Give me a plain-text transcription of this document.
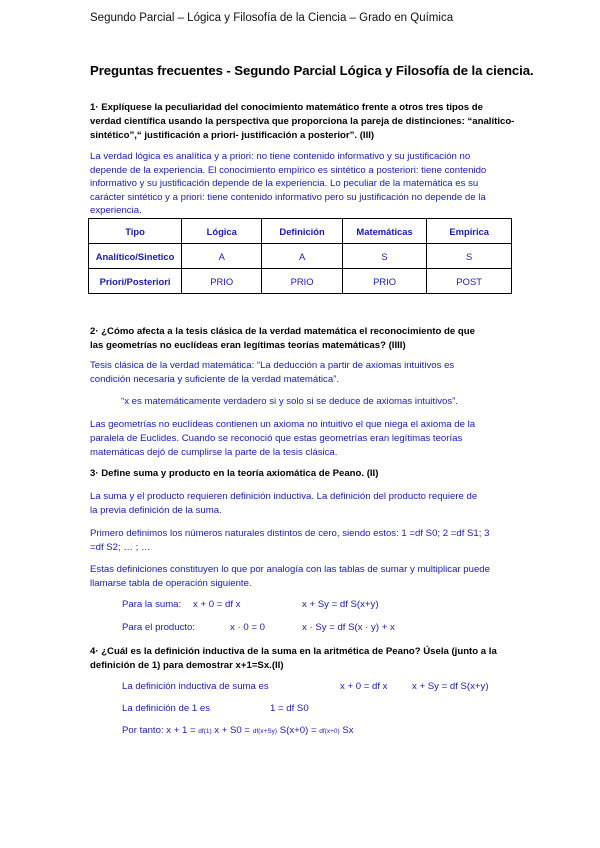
Segundo Parcial – Lógica y Filosofía de la Ciencia – Grado en Química
Preguntas frecuentes - Segundo Parcial Lógica y Filosofía de la ciencia.
1· Explíquese la peculiaridad del conocimiento matemático frente a otros tres tipos de
verdad científica usando la perspectiva que proporciona la pareja de distinciones: “analítico-
sintético”,“ justificación a priori- justificación a posterior”. (III)
La verdad lógica es analítica y a priori: no tiene contenido informativo y su justificación no
depende de la experiencia. El conocimiento empírico es sintético a posteriori: tiene contenido
informativo y su justificación depende de la experiencia. Lo peculiar de la matemática es su
carácter sintético y a priori: tiene contenido informativo pero su justificación no depende de la
experiencia.
Tipo	Lógica	Definición	Matemáticas	Empírica
Analítico/Sinetico	A	A	S	S
Priori/Posteriori	PRIO	PRIO	PRIO	POST
2· ¿Cómo afecta a la tesis clásica de la verdad matemática el reconocimiento de que
las geometrías no euclídeas eran legítimas teorías matemáticas? (IIII)
Tesis clásica de la verdad matemática: “La deducción a partir de axiomas intuitivos es
condición necesaria y suficiente de la verdad matemática”.
“x es matemáticamente verdadero si y solo si se deduce de axiomas intuitivos”.
Las geometrías no euclídeas contienen un axioma no intuitivo el que niega el axioma de la
paralela de Euclides. Cuando se reconoció que estas geometrías eran legítimas teorías
matemáticas dejó de cumplirse la parte de la tesis clásica.
3· Define suma y producto en la teoría axiomática de Peano. (II)
La suma y el producto requieren definición inductiva. La definición del producto requiere de
la previa definición de la suma.
Primero definimos los números naturales distintos de cero, siendo estos: 1 =df S0; 2 =df S1; 3
=df S2; … ; …
Estas definiciones constituyen lo que por analogía con las tablas de sumar y multiplicar puede
llamarse tabla de operación siguiente.
Para la suma: x + 0 = df x	x + Sy = df S(x+y)
Para el producto:	x · 0 = 0	x · Sy = df S(x · y) + x
4· ¿Cuál es la definición inductiva de la suma en la aritmética de Peano? Úsela (junto a la
definición de 1) para demostrar x+1=Sx.(II)
La definición inductiva de suma es	x + 0 = df x	x + Sy = df S(x+y)
La definición de 1 es	1 = df S0
Por tanto: x + 1 = df(1) x + S0 = df(x+Sy) S(x+0) = df(x+0) Sx
